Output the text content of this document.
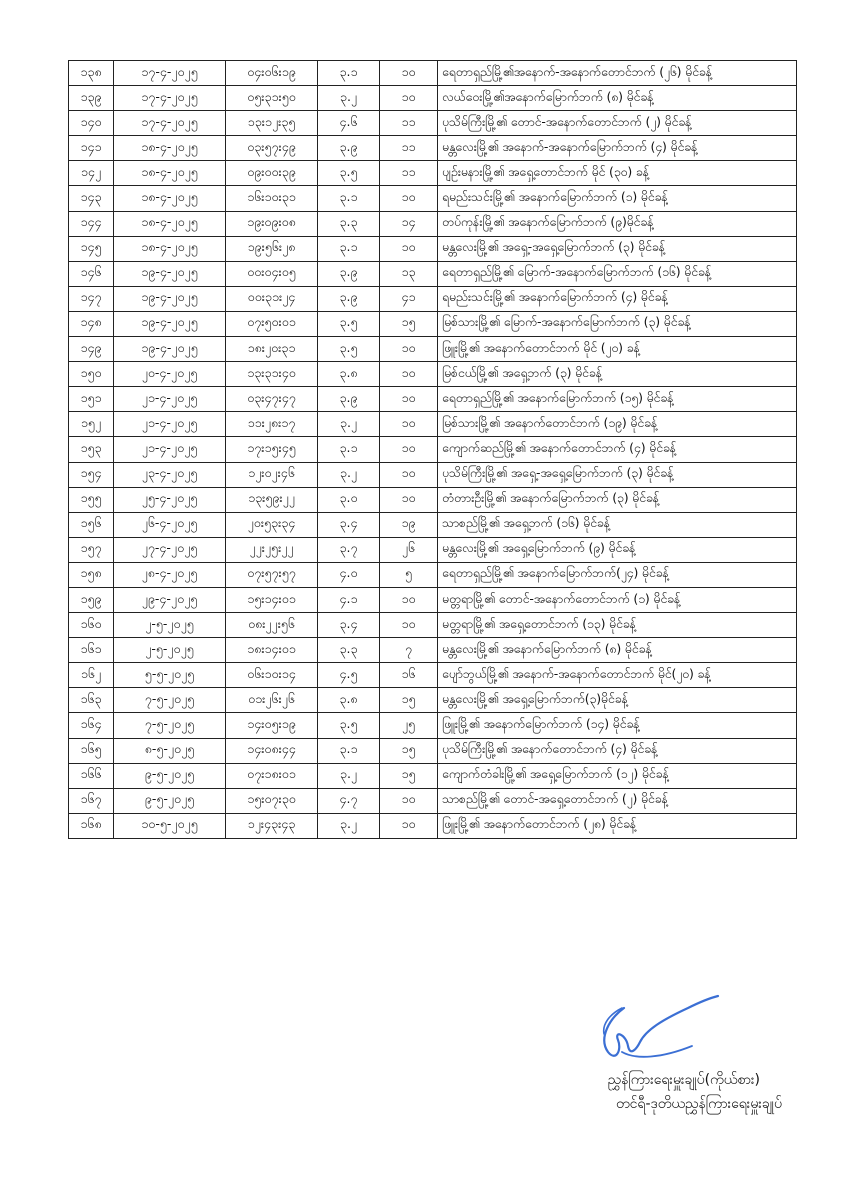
၁၃၈	၁၇-၄-၂၀၂၅	၀၄း၀၆း၁၉	၃.၁	၁၀	ရေတာရှည်မြို့၏အနောက်-အနောက်တောင်ဘက် (၂၆) မိုင်ခန့်
၁၃၉	၁၇-၄-၂၀၂၅	၀၅း၃၁း၅၀	၃.၂	၁၀	လယ်ဝေးမြို့၏အနောက်မြောက်ဘက် (၈) မိုင်ခန့်
၁၄၀	၁၇-၄-၂၀၂၅	၁၃း၁၂း၃၅	၄.၆	၁၁	ပုသိမ်ကြီးမြို့၏ တောင်-အနောက်တောင်ဘက် (၂) မိုင်ခန့်
၁၄၁	၁၈-၄-၂၀၂၅	၀၃း၅၇း၄၉	၃.၉	၁၁	မန္တလေးမြို့၏ အနောက်-အနောက်မြောက်ဘက် (၄) မိုင်ခန့်
၁၄၂	၁၈-၄-၂၀၂၅	၀၉း၀၀း၃၉	၃.၅	၁၁	ပျဉ်းမနားမြို့၏ အရှေ့တောင်ဘက် မိုင် (၃၀) ခန့်
၁၄၃	၁၈-၄-၂၀၂၅	၁၆း၁၀း၃၁	၃.၁	၁၀	ရမည်းသင်းမြို့၏ အနောက်မြောက်ဘက် (၁) မိုင်ခန့်
၁၄၄	၁၈-၄-၂၀၂၅	၁၉း၀၉း၀၈	၃.၃	၁၄	တပ်ကုန်းမြို့၏ အနောက်မြောက်ဘက် (၉)မိုင်ခန့်
၁၄၅	၁၈-၄-၂၀၂၅	၁၉း၅၆း၂၈	၃.၁	၁၀	မန္တလေးမြို့၏ အရှေ့-အရှေ့မြောက်ဘက် (၃) မိုင်ခန့်
၁၄၆	၁၉-၄-၂၀၂၅	၀၀း၀၄း၀၅	၃.၉	၁၃	ရေတာရှည်မြို့၏ မြောက်-အနောက်မြောက်ဘက် (၁၆) မိုင်ခန့်
၁၄၇	၁၉-၄-၂၀၂၅	၀၀း၃၁း၂၄	၃.၉	၄၁	ရမည်းသင်းမြို့၏ အနောက်မြောက်ဘက် (၄) မိုင်ခန့်
၁၄၈	၁၉-၄-၂၀၂၅	၀၇း၅၀း၀၁	၃.၅	၁၅	မြစ်သားမြို့၏ မြောက်-အနောက်မြောက်ဘက် (၃) မိုင်ခန့်
၁၄၉	၁၉-၄-၂၀၂၅	၁၈း၂၀း၃၁	၃.၅	၁၀	ဖြူးမြို့၏ အနောက်တောင်ဘက် မိုင် (၂၀) ခန့်
၁၅၀	၂၀-၄-၂၀၂၅	၁၃း၃၁း၄၀	၃.၈	၁၀	မြစ်ငယ်မြို့၏ အရှေ့ဘက် (၃) မိုင်ခန့်
၁၅၁	၂၁-၄-၂၀၂၅	၀၃း၄၇း၄၇	၃.၉	၁၀	ရေတာရှည်မြို့၏ အနောက်မြောက်ဘက် (၁၅) မိုင်ခန့်
၁၅၂	၂၁-၄-၂၀၂၅	၁၁း၂၈း၁၇	၃.၂	၁၀	မြစ်သားမြို့၏ အနောက်တောင်ဘက် (၁၉) မိုင်ခန့်
၁၅၃	၂၁-၄-၂၀၂၅	၁၇း၁၅း၄၅	၃.၁	၁၀	ကျောက်ဆည်မြို့၏ အနောက်တောင်ဘက် (၄) မိုင်ခန့်
၁၅၄	၂၃-၄-၂၀၂၅	၁၂း၀၂း၄၆	၃.၂	၁၀	ပုသိမ်ကြီးမြို့၏ အရှေ့-အရှေ့မြောက်ဘက် (၃) မိုင်ခန့်
၁၅၅	၂၅-၄-၂၀၂၅	၁၃း၅၉း၂၂	၃.၀	၁၀	တံတားဦးမြို့၏ အနောက်မြောက်ဘက် (၃) မိုင်ခန့်
၁၅၆	၂၆-၄-၂၀၂၅	၂၀း၅၃း၃၄	၃.၄	၁၉	သာစည်မြို့၏ အရှေ့ဘက် (၁၆) မိုင်ခန့်
၁၅၇	၂၇-၄-၂၀၂၅	၂၂း၂၅း၂၂	၃.၇	၂၆	မန္တလေးမြို့၏ အရှေ့မြောက်ဘက် (၉) မိုင်ခန့်
၁၅၈	၂၈-၄-၂၀၂၅	၀၇း၅၇း၅၇	၄.၀	၅	ရေတာရှည်မြို့၏ အနောက်မြောက်ဘက်(၂၄) မိုင်ခန့်
၁၅၉	၂၉-၄-၂၀၂၅	၁၅း၁၄း၀၁	၄.၁	၁၀	မတ္တရာမြို့၏ တောင်-အနောက်တောင်ဘက် (၁) မိုင်ခန့်
၁၆၀	၂-၅-၂၀၂၅	၀၈း၂၂း၅၆	၃.၄	၁၀	မတ္တရာမြို့၏ အရှေ့တောင်ဘက် (၁၃) မိုင်ခန့်
၁၆၁	၂-၅-၂၀၂၅	၁၈း၁၄း၀၁	၃.၃	၇	မန္တလေးမြို့၏ အနောက်မြောက်ဘက် (၈) မိုင်ခန့်
၁၆၂	၅-၅-၂၀၂၅	၀၆း၁၀း၁၄	၄.၅	၁၆	ပျော်ဘွယ်မြို့၏ အနောက်-အနောက်တောင်ဘက် မိုင်(၂၀) ခန့်
၁၆၃	၇-၅-၂၀၂၅	၀၁း၂၆း၂၆	၃.၈	၁၅	မန္တလေးမြို့၏ အရှေ့မြောက်ဘက်(၃)မိုင်ခန့်
၁၆၄	၇-၅-၂၀၂၅	၁၄း၀၅း၁၉	၃.၅	၂၅	ဖြူးမြို့၏ အနောက်မြောက်ဘက် (၁၄) မိုင်ခန့်
၁၆၅	၈-၅-၂၀၂၅	၁၄း၀၈း၄၄	၃.၁	၁၅	ပုသိမ်ကြီးမြို့၏ အနောက်တောင်ဘက် (၄) မိုင်ခန့်
၁၆၆	၉-၅-၂၀၂၅	၀၇း၁၈း၀၁	၃.၂	၁၅	ကျောက်တံခါးမြို့၏ အရှေ့မြောက်ဘက် (၁၂) မိုင်ခန့်
၁၆၇	၉-၅-၂၀၂၅	၁၅း၀၇း၃၀	၄.၇	၁၀	သာစည်မြို့၏ တောင်-အရှေ့တောင်ဘက် (၂) မိုင်ခန့်
၁၆၈	၁၀-၅-၂၀၂၅	၁၂း၄၃း၄၃	၃.၂	၁၀	ဖြူးမြို့၏ အနောက်တောင်ဘက် (၂၈) မိုင်ခန့်
ညွှန်ကြားရေးမှူးချုပ်(ကိုယ်စား)
တင်ရီ-ဒုတိယညွှန်ကြားရေးမှူးချုပ်
